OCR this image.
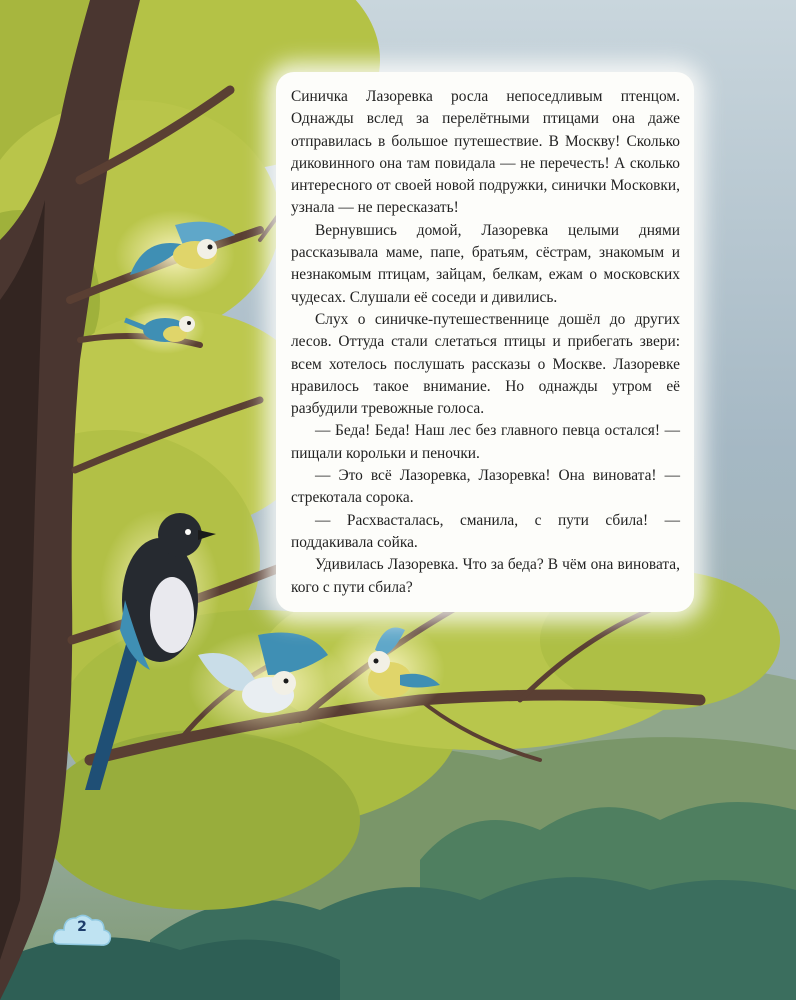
Синичка Лазоревка росла непоседливым птенцом. Однажды вслед за перелётными птицами она даже отправилась в большое путешествие. В Москву! Сколько диковинного она там повидала — не перечесть! А сколько интересного от своей новой подружки, синички Московки, узнала — не пересказать!

Вернувшись домой, Лазоревка целыми днями рассказывала маме, папе, братьям, сёстрам, знакомым и незнакомым птицам, зайцам, белкам, ежам о московских чудесах. Слушали её соседи и дивились.

Слух о синичке-путешественнице дошёл до других лесов. Оттуда стали слетаться птицы и прибегать звери: всем хотелось послушать рассказы о Москве. Лазоревке нравилось такое внимание. Но однажды утром её разбудили тревожные голоса.

— Беда! Беда! Наш лес без главного певца остался! — пищали корольки и пеночки.

— Это всё Лазоревка, Лазоревка! Она виновата! — стрекотала сорока.

— Расхвасталась, сманила, с пути сбила! — поддакивала сойка.

Удивилась Лазоревка. Что за беда? В чём она виновата, кого с пути сбила?

2
